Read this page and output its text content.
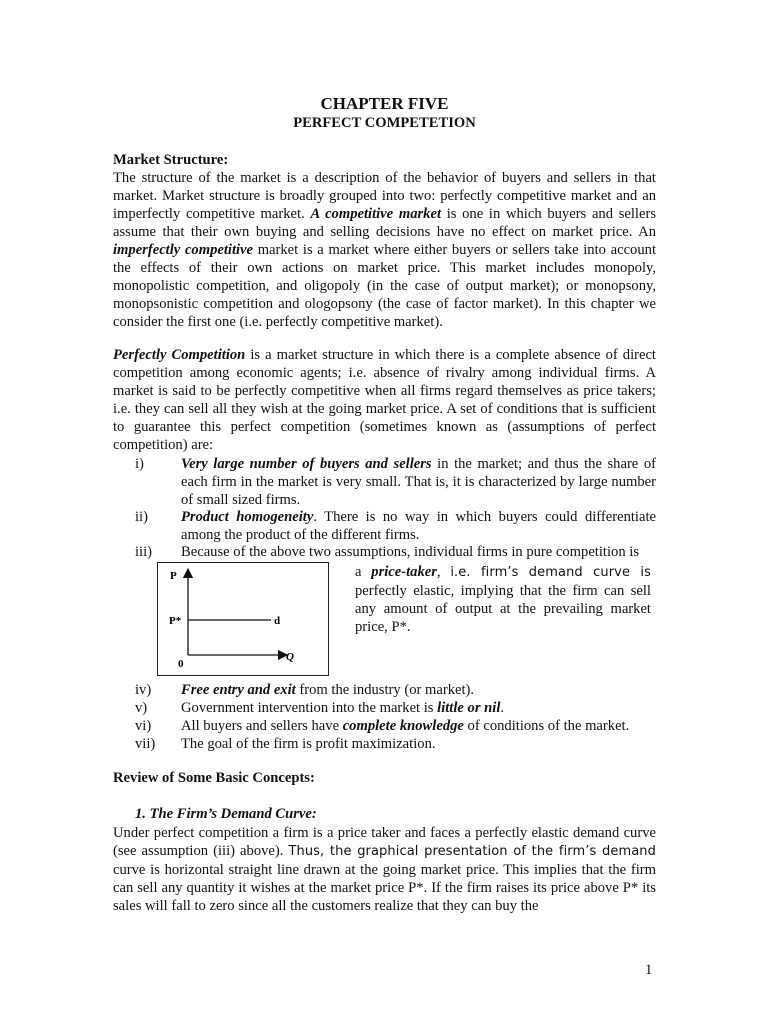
CHAPTER FIVE
PERFECT COMPETETION
Market Structure:

The structure of the market is a description of the behavior of buyers and sellers in that market. Market structure is broadly grouped into two: perfectly competitive market and an imperfectly competitive market. A competitive market is one in which buyers and sellers assume that their own buying and selling decisions have no effect on market price. An imperfectly competitive market is a market where either buyers or sellers take into account the effects of their own actions on market price. This market includes monopoly, monopolistic competition, and oligopoly (in the case of output market); or monopsony, monopsonistic competition and ologopsony (the case of factor market). In this chapter we consider the first one (i.e. perfectly competitive market).

Perfectly Competition is a market structure in which there is a complete absence of direct competition among economic agents; i.e. absence of rivalry among individual firms. A market is said to be perfectly competitive when all firms regard themselves as price takers; i.e. they can sell all they wish at the going market price. A set of conditions that is sufficient to guarantee this perfect competition (sometimes known as (assumptions of perfect competition) are:

i)	Very large number of buyers and sellers in the market; and thus the share of each firm in the market is very small. That is, it is characterized by large number of small sized firms.
ii) Product homogeneity. There is no way in which buyers could differentiate among the product of the different firms.
iii) Because of the above two assumptions, individual firms in pure competition is
P
P*	d
0
Q

a price-taker, i.e. firm’s demand curve is perfectly elastic, implying that the firm can sell any amount of output at the prevailing market price, P*.

iv) Free entry and exit from the industry (or market).
v) Government intervention into the market is little or nil.
vi) All buyers and sellers have complete knowledge of conditions of the market.
vii) The goal of the firm is profit maximization.
Review of Some Basic Concepts:
1. The Firm’s Demand Curve:

Under perfect competition a firm is a price taker and faces a perfectly elastic demand curve (see assumption (iii) above). Thus, the graphical presentation of the firm’s demand curve is horizontal straight line drawn at the going market price. This implies that the firm can sell any quantity it wishes at the market price P*. If the firm raises its price above P* its sales will fall to zero since all the customers realize that they can buy the

1
